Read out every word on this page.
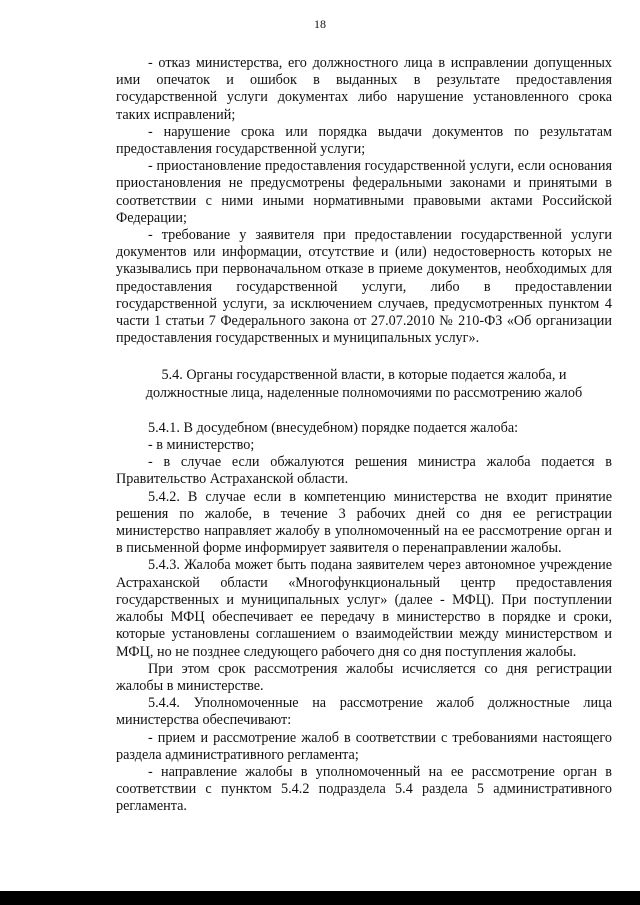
18

- отказ министерства, его должностного лица в исправлении допущенных ими опечаток и ошибок в выданных в результате предоставления государственной услуги документах либо нарушение установленного срока таких исправлений;

- нарушение срока или порядка выдачи документов по результатам предоставления государственной услуги;

- приостановление предоставления государственной услуги, если основания приостановления не предусмотрены федеральными законами и принятыми в соответствии с ними иными нормативными правовыми актами Российской Федерации;

- требование у заявителя при предоставлении государственной услуги документов или информации, отсутствие и (или) недостоверность которых не указывались при первоначальном отказе в приеме документов, необходимых для предоставления государственной услуги, либо в предоставлении государственной услуги, за исключением случаев, предусмотренных пунктом 4 части 1 статьи 7 Федерального закона от 27.07.2010 № 210-ФЗ «Об организации предоставления государственных и муниципальных услуг».

5.4. Органы государственной власти, в которые подается жалоба, и должностные лица, наделенные полномочиями по рассмотрению жалоб

5.4.1. В досудебном (внесудебном) порядке подается жалоба:

- в министерство;

- в случае если обжалуются решения министра жалоба подается в Правительство Астраханской области.

5.4.2. В случае если в компетенцию министерства не входит принятие решения по жалобе, в течение 3 рабочих дней со дня ее регистрации министерство направляет жалобу в уполномоченный на ее рассмотрение орган и в письменной форме информирует заявителя о перенаправлении жалобы.

5.4.3. Жалоба может быть подана заявителем через автономное учреждение Астраханской области «Многофункциональный центр предоставления государственных и муниципальных услуг» (далее - МФЦ). При поступлении жалобы МФЦ обеспечивает ее передачу в министерство в порядке и сроки, которые установлены соглашением о взаимодействии между министерством и МФЦ, но не позднее следующего рабочего дня со дня поступления жалобы.

При этом срок рассмотрения жалобы исчисляется со дня регистрации жалобы в министерстве.

5.4.4. Уполномоченные на рассмотрение жалоб должностные лица министерства обеспечивают:

- прием и рассмотрение жалоб в соответствии с требованиями настоящего раздела административного регламента;

- направление жалобы в уполномоченный на ее рассмотрение орган в соответствии с пунктом 5.4.2 подраздела 5.4 раздела 5 административного регламента.
